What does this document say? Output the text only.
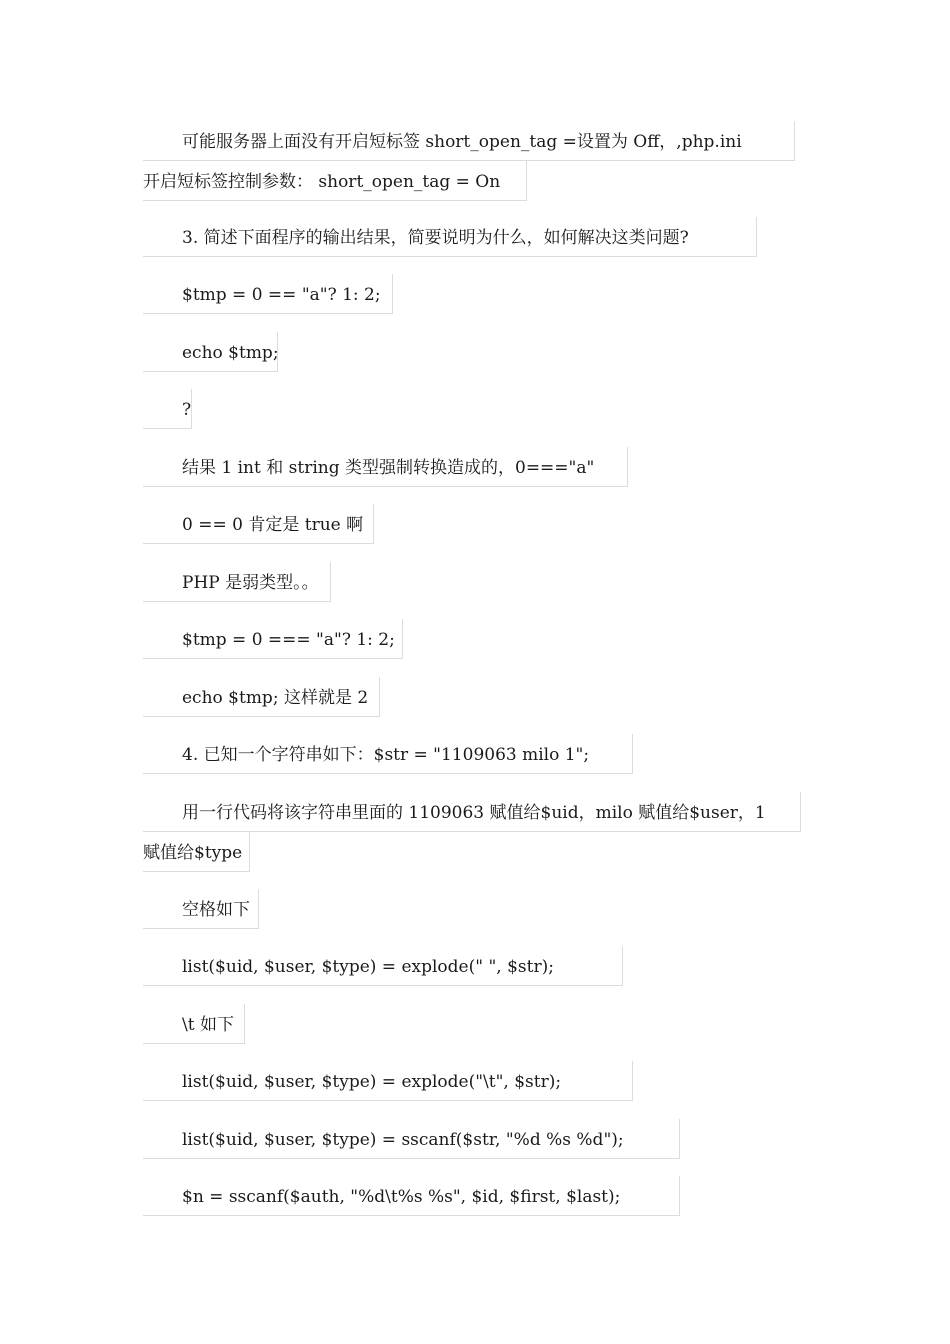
可能服务器上面没有开启短标签 short_open_tag =设置为 Off，,php.ini
开启短标签控制参数： short_open_tag = On
3. 简述下面程序的输出结果，简要说明为什么，如何解决这类问题?
$tmp = 0 == "a"? 1: 2;
echo $tmp;
?
结果 1 int 和 string 类型强制转换造成的，0==="a"
0 == 0 肯定是 true 啊
PHP 是弱类型。。
$tmp = 0 === "a"? 1: 2;
echo $tmp; 这样就是 2
4. 已知一个字符串如下：$str = "1109063 milo 1";
用一行代码将该字符串里面的 1109063 赋值给$uid，milo 赋值给$user，1
赋值给$type
空格如下
list($uid, $user, $type) = explode(" ", $str);
\t 如下
list($uid, $user, $type) = explode("\t", $str);
list($uid, $user, $type) = sscanf($str, "%d %s %d");
$n = sscanf($auth, "%d\t%s %s", $id, $first, $last);
